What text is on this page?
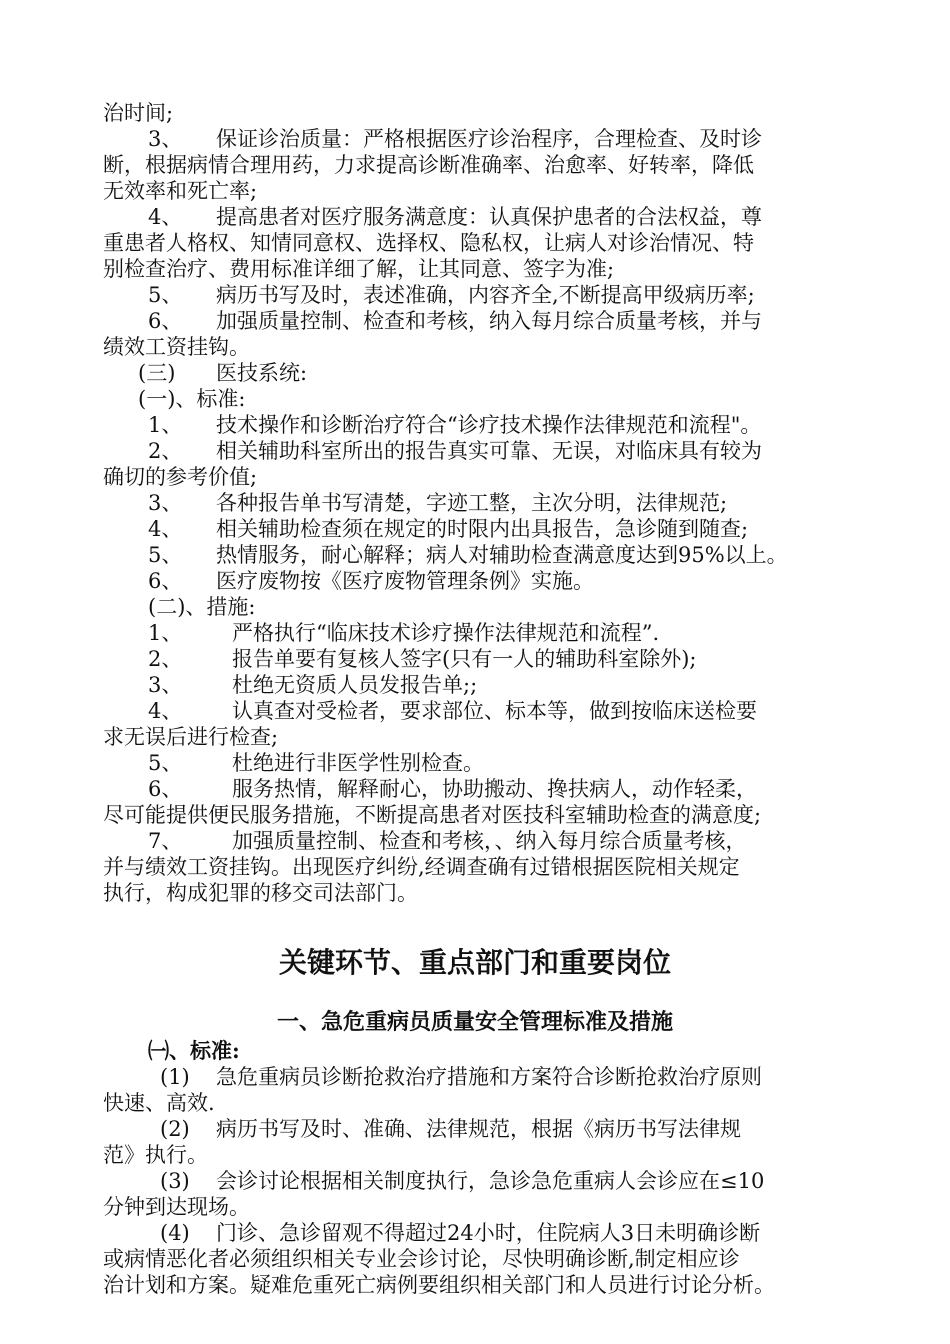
治时间;
3、 保证诊治质量：严格根据医疗诊治程序，合理检查、及时诊
断，根据病情合理用药，力求提高诊断准确率、治愈率、好转率，降低
无效率和死亡率;
4、 提高患者对医疗服务满意度：认真保护患者的合法权益，尊
重患者人格权、知情同意权、选择权、隐私权，让病人对诊治情况、特
别检查治疗、费用标准详细了解，让其同意、签字为准;
5、 病历书写及时，表述准确，内容齐全,不断提高甲级病历率;
6、 加强质量控制、检查和考核，纳入每月综合质量考核，并与
绩效工资挂钩。
(三) 医技系统:
(一)、标准:
1、 技术操作和诊断治疗符合“诊疗技术操作法律规范和流程"。
2、 相关辅助科室所出的报告真实可靠、无误，对临床具有较为
确切的参考价值;
3、 各种报告单书写清楚，字迹工整，主次分明，法律规范;
4、 相关辅助检查须在规定的时限内出具报告，急诊随到随查;
5、 热情服务，耐心解释；病人对辅助检查满意度达到95%以上。
6、 医疗废物按《医疗废物管理条例》实施。
(二)、措施:
1、 严格执行“临床技术诊疗操作法律规范和流程”.
2、 报告单要有复核人签字(只有一人的辅助科室除外);
3、 杜绝无资质人员发报告单;;
4、 认真查对受检者，要求部位、标本等，做到按临床送检要
求无误后进行检查;
5、 杜绝进行非医学性别检查。
6、 服务热情，解释耐心，协助搬动、搀扶病人，动作轻柔，
尽可能提供便民服务措施，不断提高患者对医技科室辅助检查的满意度;
7、 加强质量控制、检查和考核，、纳入每月综合质量考核，
并与绩效工资挂钩。出现医疗纠纷,经调查确有过错根据医院相关规定
执行，构成犯罪的移交司法部门。
关键环节、重点部门和重要岗位
一、急危重病员质量安全管理标准及措施
㈠、标准:
(1) 急危重病员诊断抢救治疗措施和方案符合诊断抢救治疗原则
快速、高效.
(2) 病历书写及时、准确、法律规范，根据《病历书写法律规
范》执行。
(3) 会诊讨论根据相关制度执行，急诊急危重病人会诊应在≤10
分钟到达现场。
(4) 门诊、急诊留观不得超过24小时，住院病人3日未明确诊断
或病情恶化者必须组织相关专业会诊讨论，尽快明确诊断,制定相应诊
治计划和方案。疑难危重死亡病例要组织相关部门和人员进行讨论分析。
